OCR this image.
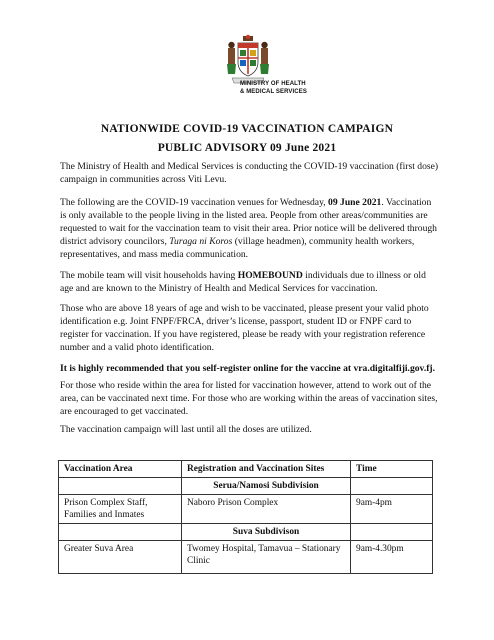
MINISTRY OF HEALTH
& MEDICAL SERVICES
NATIONWIDE COVID-19 VACCINATION CAMPAIGN
PUBLIC ADVISORY 09 June 2021

The Ministry of Health and Medical Services is conducting the COVID-19 vaccination (first dose) campaign in communities across Viti Levu.

The following are the COVID-19 vaccination venues for Wednesday, 09 June 2021. Vaccination is only available to the people living in the listed area. People from other areas/communities are requested to wait for the vaccination team to visit their area. Prior notice will be delivered through district advisory councilors, Turaga ni Koros (village headmen), community health workers, representatives, and mass media communication.

The mobile team will visit households having HOMEBOUND individuals due to illness or old age and are known to the Ministry of Health and Medical Services for vaccination.

Those who are above 18 years of age and wish to be vaccinated, please present your valid photo identification e.g. Joint FNPF/FRCA, driver’s license, passport, student ID or FNPF card to register for vaccination. If you have registered, please be ready with your registration reference number and a valid photo identification.

It is highly recommended that you self-register online for the vaccine at vra.digitalfiji.gov.fj.

For those who reside within the area for listed for vaccination however, attend to work out of the area, can be vaccinated next time. For those who are working within the areas of vaccination sites, are encouraged to get vaccinated.

The vaccination campaign will last until all the doses are utilized.

Vaccination Area	Registration and Vaccination Sites	Time
	Serua/Namosi Subdivision	
Prison Complex Staff, Families and Inmates	Naboro Prison Complex	9am-4pm
	Suva Subdivison	
Greater Suva Area	Twomey Hospital, Tamavua – Stationary Clinic	9am-4.30pm
